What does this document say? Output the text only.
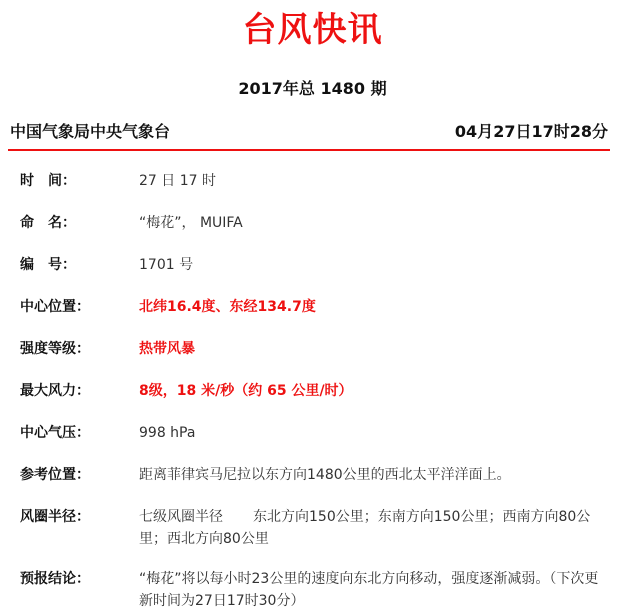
台风快讯
2017年总 1480 期
中国气象局中央气象台	04月27日17时28分
时　间：	27 日 17 时
命　名：	“梅花”， MUIFA
编　号：	1701 号
中心位置：	北纬16.4度、东经134.7度
强度等级：	热带风暴
最大风力：	8级，18 米/秒（约 65 公里/时）
中心气压：	998 hPa
参考位置：	距离菲律宾马尼拉以东方向1480公里的西北太平洋洋面上。
风圈半径：	七级风圈半径 东北方向150公里；东南方向150公里；西南方向80公里；西北方向80公里
预报结论：	“梅花”将以每小时23公里的速度向东北方向移动，强度逐渐减弱。（下次更新时间为27日17时30分）
